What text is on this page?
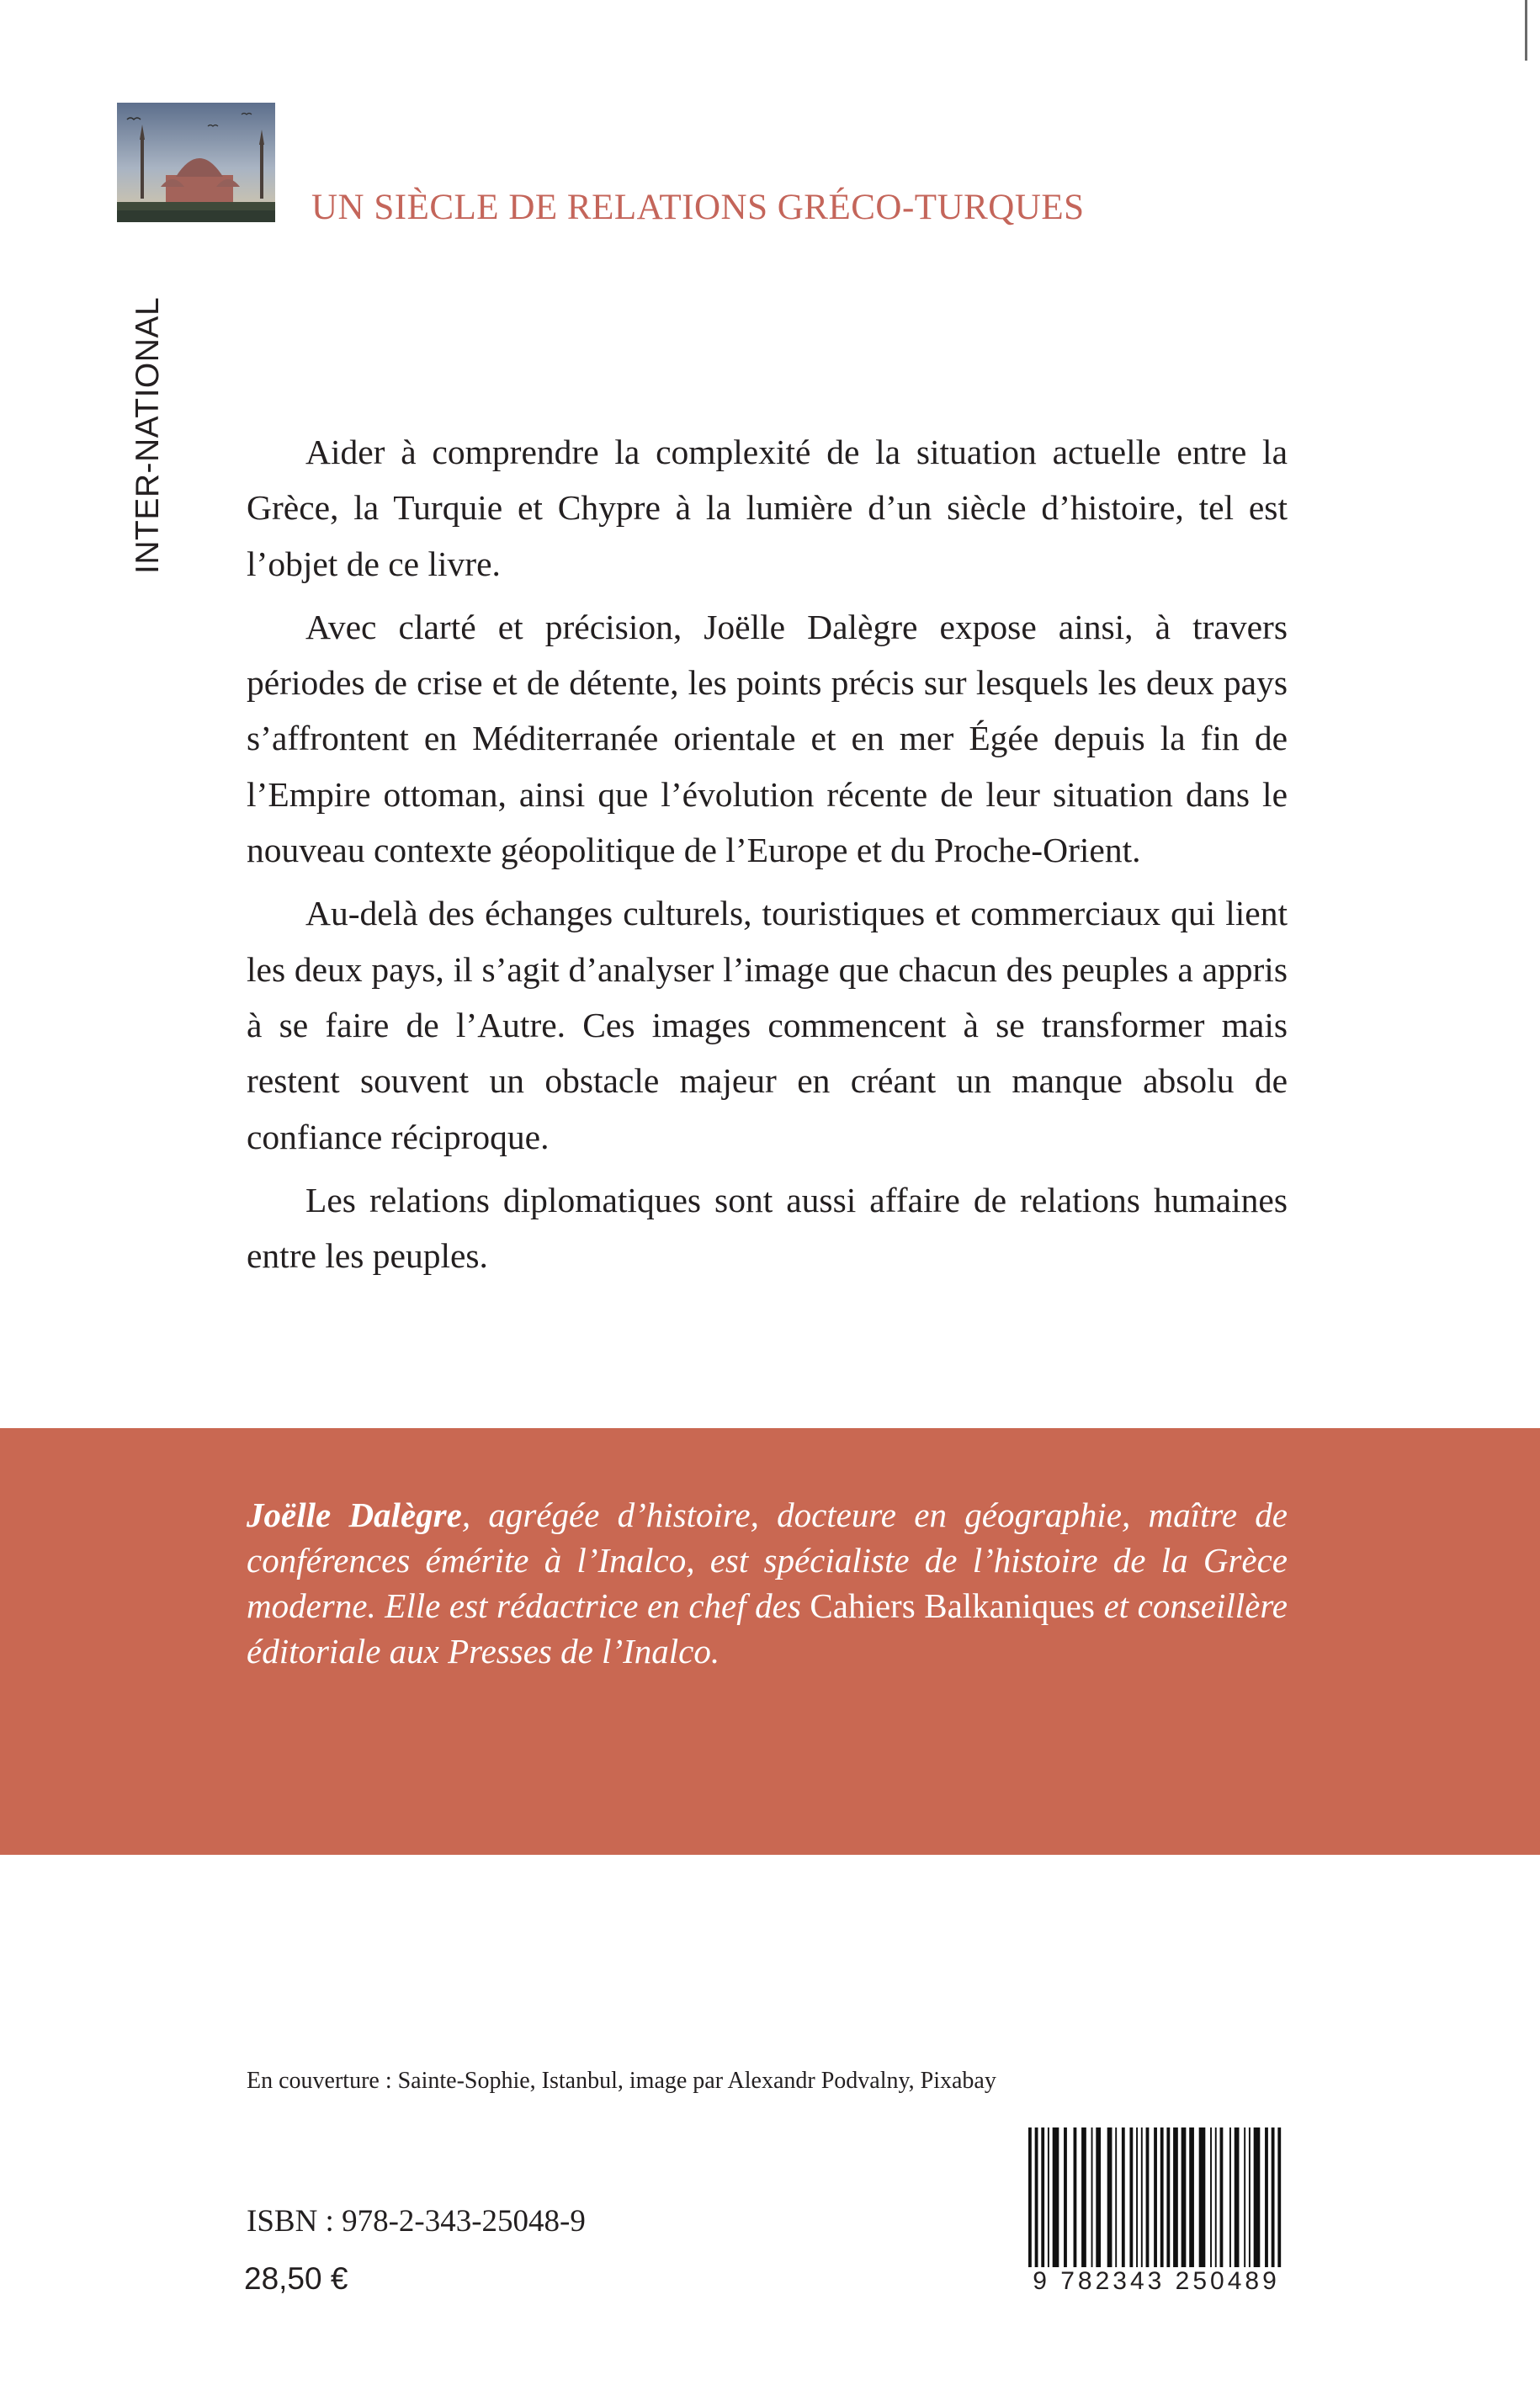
INTER-NATIONAL
UN SIÈCLE DE RELATIONS GRÉCO-TURQUES

Aider à comprendre la complexité de la situation actuelle entre la Grèce, la Turquie et Chypre à la lumière d’un siècle d’histoire, tel est l’objet de ce livre.

Avec clarté et précision, Joëlle Dalègre expose ainsi, à travers périodes de crise et de détente, les points précis sur lesquels les deux pays s’affrontent en Méditerranée orientale et en mer Égée depuis la fin de l’Empire ottoman, ainsi que l’évolution récente de leur situation dans le nouveau contexte géopolitique de l’Europe et du Proche-Orient.

Au-delà des échanges culturels, touristiques et commerciaux qui lient les deux pays, il s’agit d’analyser l’image que chacun des peuples a appris à se faire de l’Autre. Ces images commencent à se transformer mais restent souvent un obstacle majeur en créant un manque absolu de confiance réciproque.

Les relations diplomatiques sont aussi affaire de relations humaines entre les peuples.

Joëlle Dalègre, agrégée d’histoire, docteure en géographie, maître de conférences émérite à l’Inalco, est spécialiste de l’histoire de la Grèce moderne. Elle est rédactrice en chef des Cahiers Balkaniques et conseillère éditoriale aux Presses de l’Inalco.
En couverture : Sainte-Sophie, Istanbul, image par Alexandr Podvalny, Pixabay
ISBN : 978-2-343-25048-9
28,50 €	9 782343 250489
